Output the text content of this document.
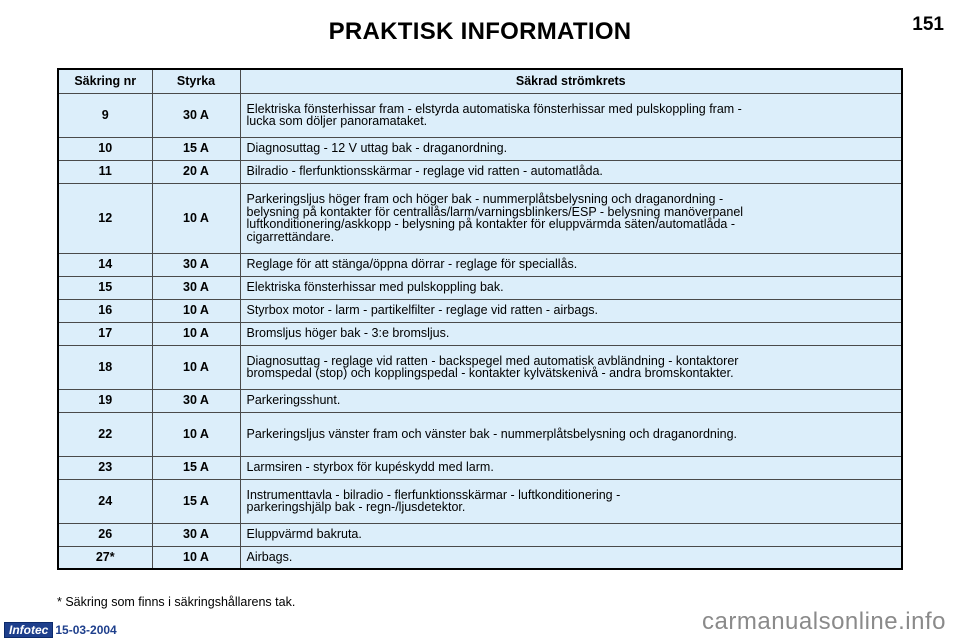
PRAKTISK INFORMATION	151
Säkring nr	Styrka	Säkrad strömkrets
9	30 A	Elektriska fönsterhissar fram - elstyrda automatiska fönsterhissar med pulskoppling fram -
lucka som döljer panoramataket.

10	15 A	Diagnosuttag - 12 V uttag bak - draganordning.

11	20 A	Bilradio - flerfunktionsskärmar - reglage vid ratten - automatlåda.

12	10 A	Parkeringsljus höger fram och höger bak - nummerplåtsbelysning och draganordning -
belysning på kontakter för centrallås/larm/varningsblinkers/ESP - belysning manöverpanel
luftkonditionering/askkopp - belysning på kontakter för eluppvärmda säten/automatlåda -
cigarrettändare.

14	30 A	Reglage för att stänga/öppna dörrar - reglage för speciallås.

15	30 A	Elektriska fönsterhissar med pulskoppling bak.

16	10 A	Styrbox motor - larm - partikelfilter - reglage vid ratten - airbags.

17	10 A	Bromsljus höger bak - 3:e bromsljus.

18	10 A	Diagnosuttag - reglage vid ratten - backspegel med automatisk avbländning - kontaktorer
bromspedal (stop) och kopplingspedal - kontakter kylvätskenivå - andra bromskontakter.

19	30 A	Parkeringsshunt.

22	10 A	Parkeringsljus vänster fram och vänster bak - nummerplåtsbelysning och draganordning.

23	15 A	Larmsiren - styrbox för kupéskydd med larm.

24	15 A	Instrumenttavla - bilradio - flerfunktionsskärmar - luftkonditionering -
parkeringshjälp bak - regn-/ljusdetektor.

26	30 A	Eluppvärmd bakruta.

27*	10 A	Airbags.
* Säkring som finns i säkringshållarens tak.
Infotec 15-03-2004	carmanualsonline.info
